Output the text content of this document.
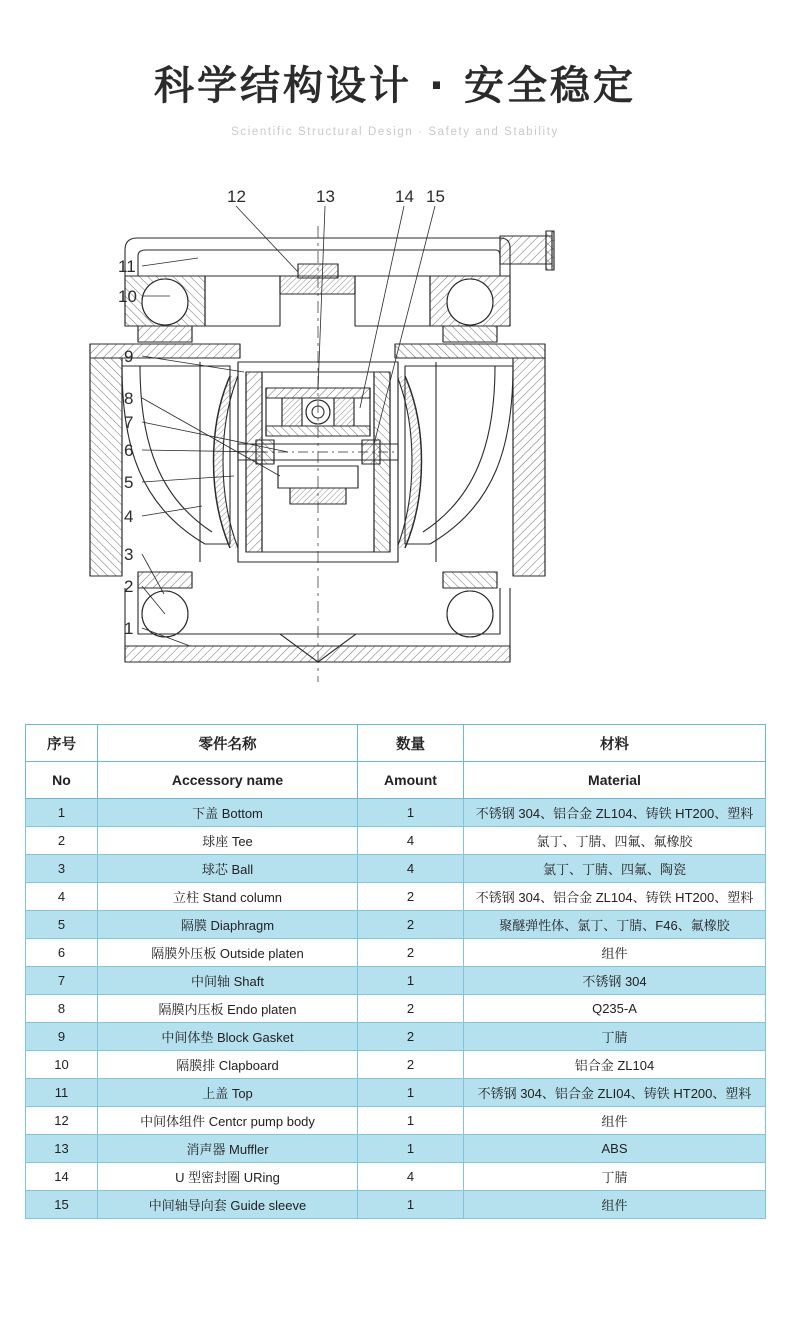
科学结构设计 · 安全稳定
Scientific Structural Design · Safety and Stability
12	13	14 15
11
10
9
8
7
6
5
4
3
2
1
序号	零件名称	数量	材料
No	Accessory name	Amount	Material
1	下盖 Bottom	1	不锈钢 304、铝合金 ZL104、铸铁 HT200、塑料
2	球座 Tee	4	氯丁、丁腈、四氟、氟橡胶
3	球芯 Ball	4	氯丁、丁腈、四氟、陶瓷
4	立柱 Stand column	2	不锈钢 304、铝合金 ZL104、铸铁 HT200、塑料
5	隔膜 Diaphragm	2	聚醚弹性体、氯丁、丁腈、F46、氟橡胶
6	隔膜外压板 Outside platen	2	组件
7	中间轴 Shaft	1	不锈钢 304
8	隔膜内压板 Endo platen	2	Q235-A
9	中间体垫 Block Gasket	2	丁腈
10	隔膜排 Clapboard	2	铝合金 ZL104
11	上盖 Top	1	不锈钢 304、铝合金 ZLI04、铸铁 HT200、塑料
12	中间体组件 Centcr pump body	1	组件
13	消声器 Muffler	1	ABS
14	U 型密封圈 URing	4	丁腈
15	中间轴导向套 Guide sleeve	1	组件
